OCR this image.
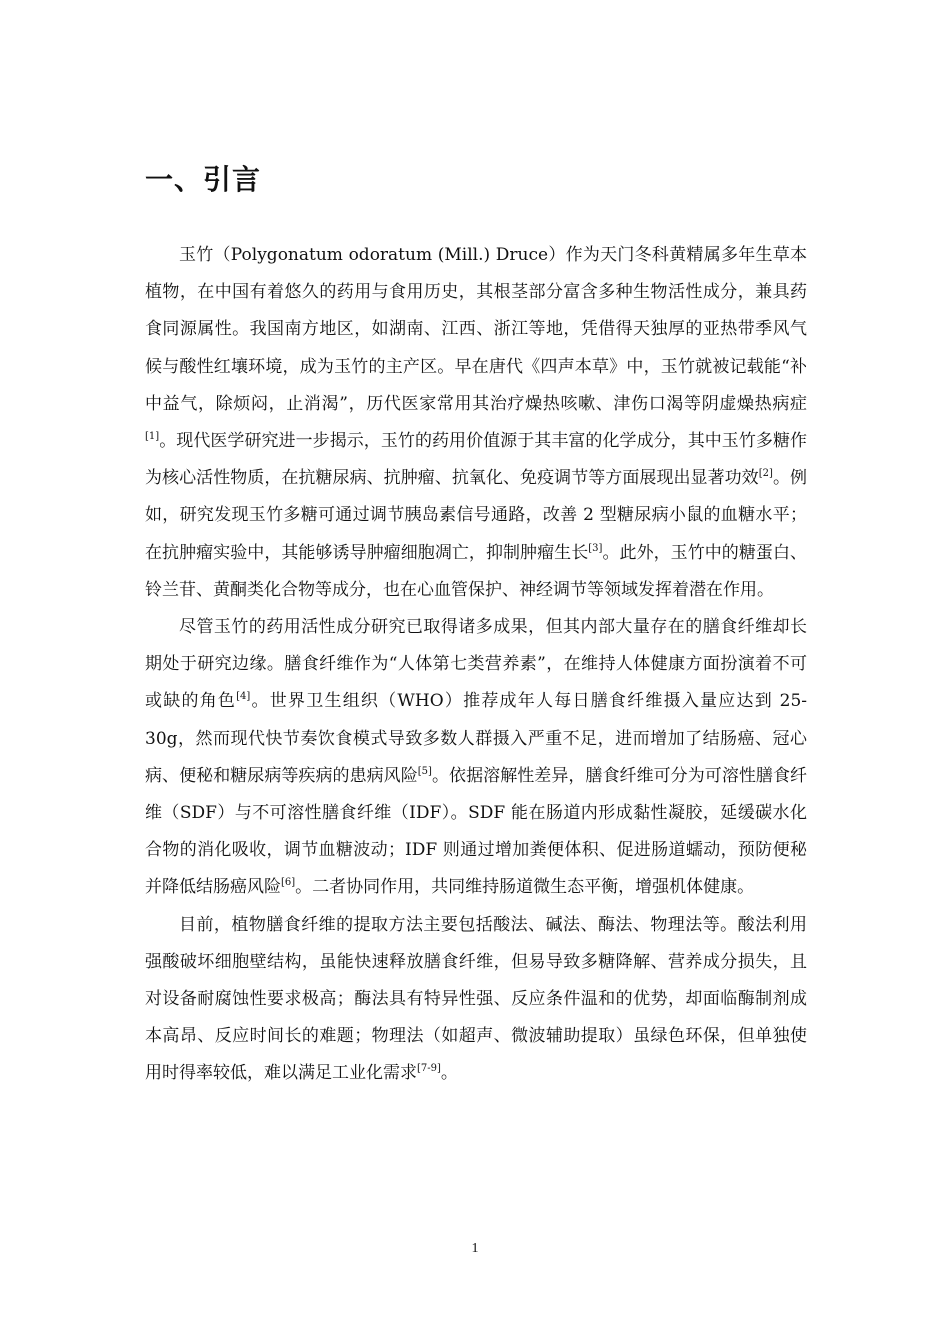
一、引言

玉竹（Polygonatum odoratum (Mill.) Druce）作为天门冬科黄精属多年生草本植物，在中国有着悠久的药用与食用历史，其根茎部分富含多种生物活性成分，兼具药食同源属性。我国南方地区，如湖南、江西、浙江等地，凭借得天独厚的亚热带季风气候与酸性红壤环境，成为玉竹的主产区。早在唐代《四声本草》中，玉竹就被记载能“补中益气，除烦闷，止消渴”，历代医家常用其治疗燥热咳嗽、津伤口渴等阴虚燥热病症[1]。现代医学研究进一步揭示，玉竹的药用价值源于其丰富的化学成分，其中玉竹多糖作为核心活性物质，在抗糖尿病、抗肿瘤、抗氧化、免疫调节等方面展现出显著功效[2]。例如，研究发现玉竹多糖可通过调节胰岛素信号通路，改善 2 型糖尿病小鼠的血糖水平；在抗肿瘤实验中，其能够诱导肿瘤细胞凋亡，抑制肿瘤生长[3]。此外，玉竹中的糖蛋白、铃兰苷、黄酮类化合物等成分，也在心血管保护、神经调节等领域发挥着潜在作用。

尽管玉竹的药用活性成分研究已取得诸多成果，但其内部大量存在的膳食纤维却长期处于研究边缘。膳食纤维作为“人体第七类营养素”，在维持人体健康方面扮演着不可或缺的角色[4]。世界卫生组织（WHO）推荐成年人每日膳食纤维摄入量应达到 25-30g，然而现代快节奏饮食模式导致多数人群摄入严重不足，进而增加了结肠癌、冠心病、便秘和糖尿病等疾病的患病风险[5]。依据溶解性差异，膳食纤维可分为可溶性膳食纤维（SDF）与不可溶性膳食纤维（IDF）。SDF 能在肠道内形成黏性凝胶，延缓碳水化合物的消化吸收，调节血糖波动；IDF 则通过增加粪便体积、促进肠道蠕动，预防便秘并降低结肠癌风险[6]。二者协同作用，共同维持肠道微生态平衡，增强机体健康。

目前，植物膳食纤维的提取方法主要包括酸法、碱法、酶法、物理法等。酸法利用强酸破坏细胞壁结构，虽能快速释放膳食纤维，但易导致多糖降解、营养成分损失，且对设备耐腐蚀性要求极高；酶法具有特异性强、反应条件温和的优势，却面临酶制剂成本高昂、反应时间长的难题；物理法（如超声、微波辅助提取）虽绿色环保，但单独使用时得率较低，难以满足工业化需求[7-9]。

1
